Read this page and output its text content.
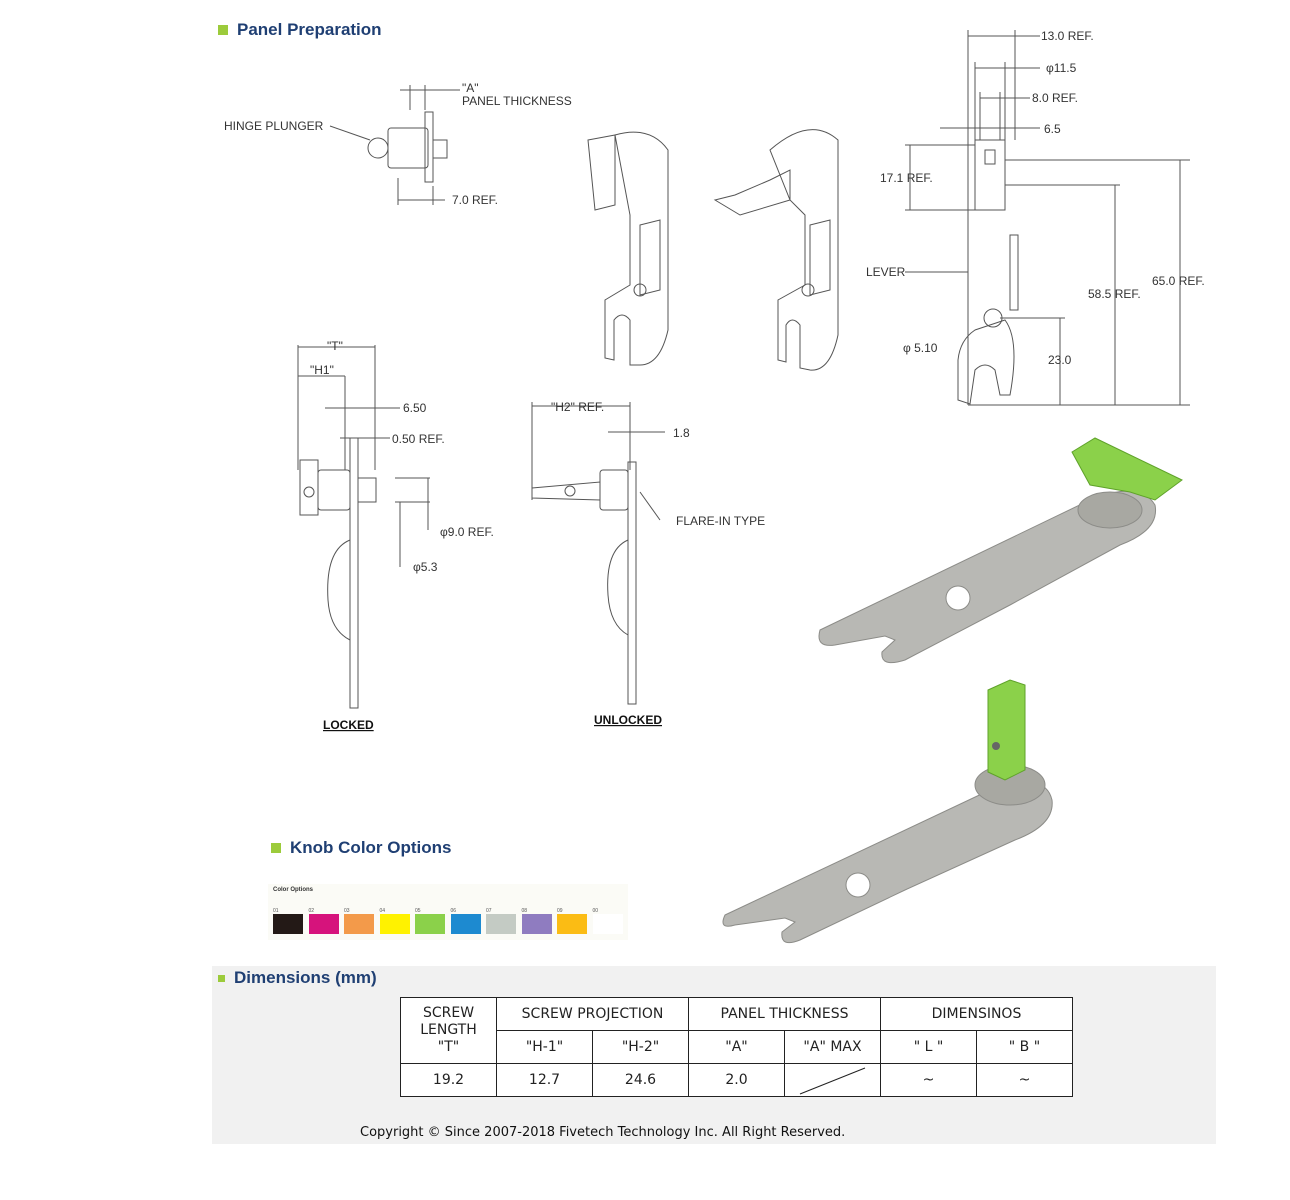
Panel Preparation
Knob Color Options
"A"
PANEL THICKNESS
HINGE PLUNGER
7.0 REF.
"T"
"H1"
6.50
0.50 REF.
φ9.0 REF.
φ5.3
LOCKED
"H2" REF.
1.8
FLARE-IN TYPE
UNLOCKED
13.0 REF.
φ11.5
8.0 REF.
6.5
17.1 REF.
LEVER
58.5 REF.
65.0 REF.
φ 5.10
23.0
Color Options
01	02	03	04	05	06	07	08	09	00
Dimensions (mm)
SCREW
LENGTH
"T"	SCREW PROJECTION		PANEL THICKNESS		DIMENSINOS	
	"H-1"	"H-2"	"A"	"A" MAX	" L "	" B "
19.2	12.7	24.6	2.0		~	~
Copyright © Since 2007-2018 Fivetech Technology Inc. All Right Reserved.
